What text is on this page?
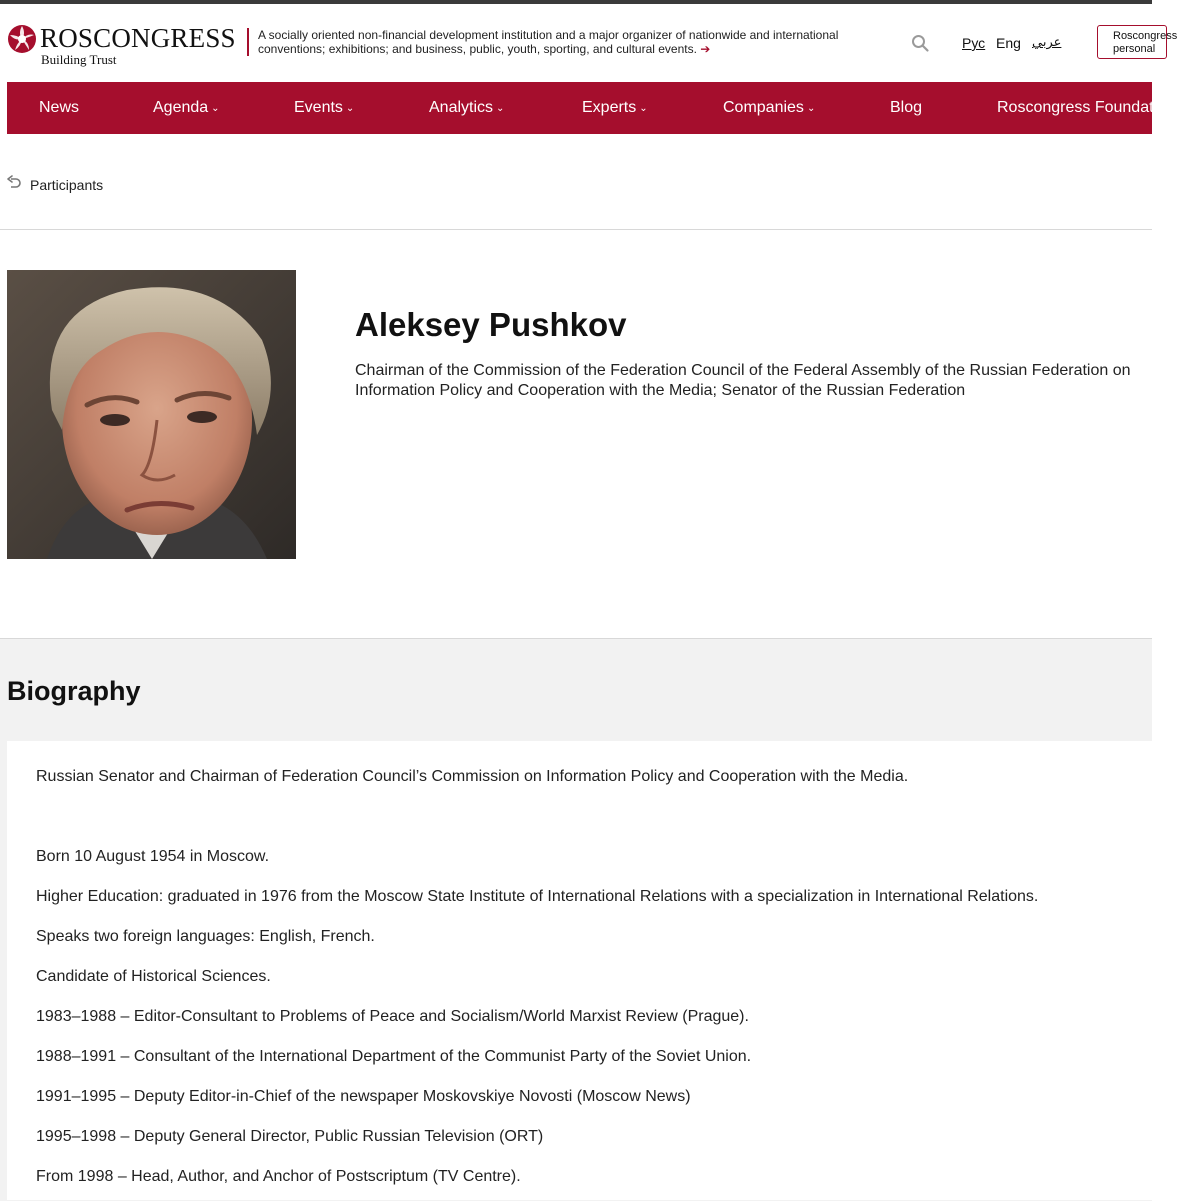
ROSCONGRESS
Building Trust
A socially oriented non-financial development institution and a major organizer of nationwide and international conventions; exhibitions; and business, public, youth, sporting, and cultural events. ➔	Рус Eng عربي	Roscongress
personal
News	Agenda ⌄	Events ⌄	Analytics ⌄	Experts ⌄	Companies ⌄	Blog	Roscongress Foundation
Participants
Aleksey Pushkov
Chairman of the Commission of the Federation Council of the Federal Assembly of the Russian Federation on Information Policy and Cooperation with the Media; Senator of the Russian Federation
Biography

Russian Senator and Chairman of Federation Council’s Commission on Information Policy and Cooperation with the Media.

Born 10 August 1954 in Moscow.

Higher Education: graduated in 1976 from the Moscow State Institute of International Relations with a specialization in International Relations.

Speaks two foreign languages: English, French.

Candidate of Historical Sciences.

1983–1988 – Editor-Consultant to Problems of Peace and Socialism/World Marxist Review (Prague).

1988–1991 – Consultant of the International Department of the Communist Party of the Soviet Union.

1991–1995 – Deputy Editor-in-Chief of the newspaper Moskovskiye Novosti (Moscow News)

1995–1998 – Deputy General Director, Public Russian Television (ORT)

From 1998 – Head, Author, and Anchor of Postscriptum (TV Centre).
